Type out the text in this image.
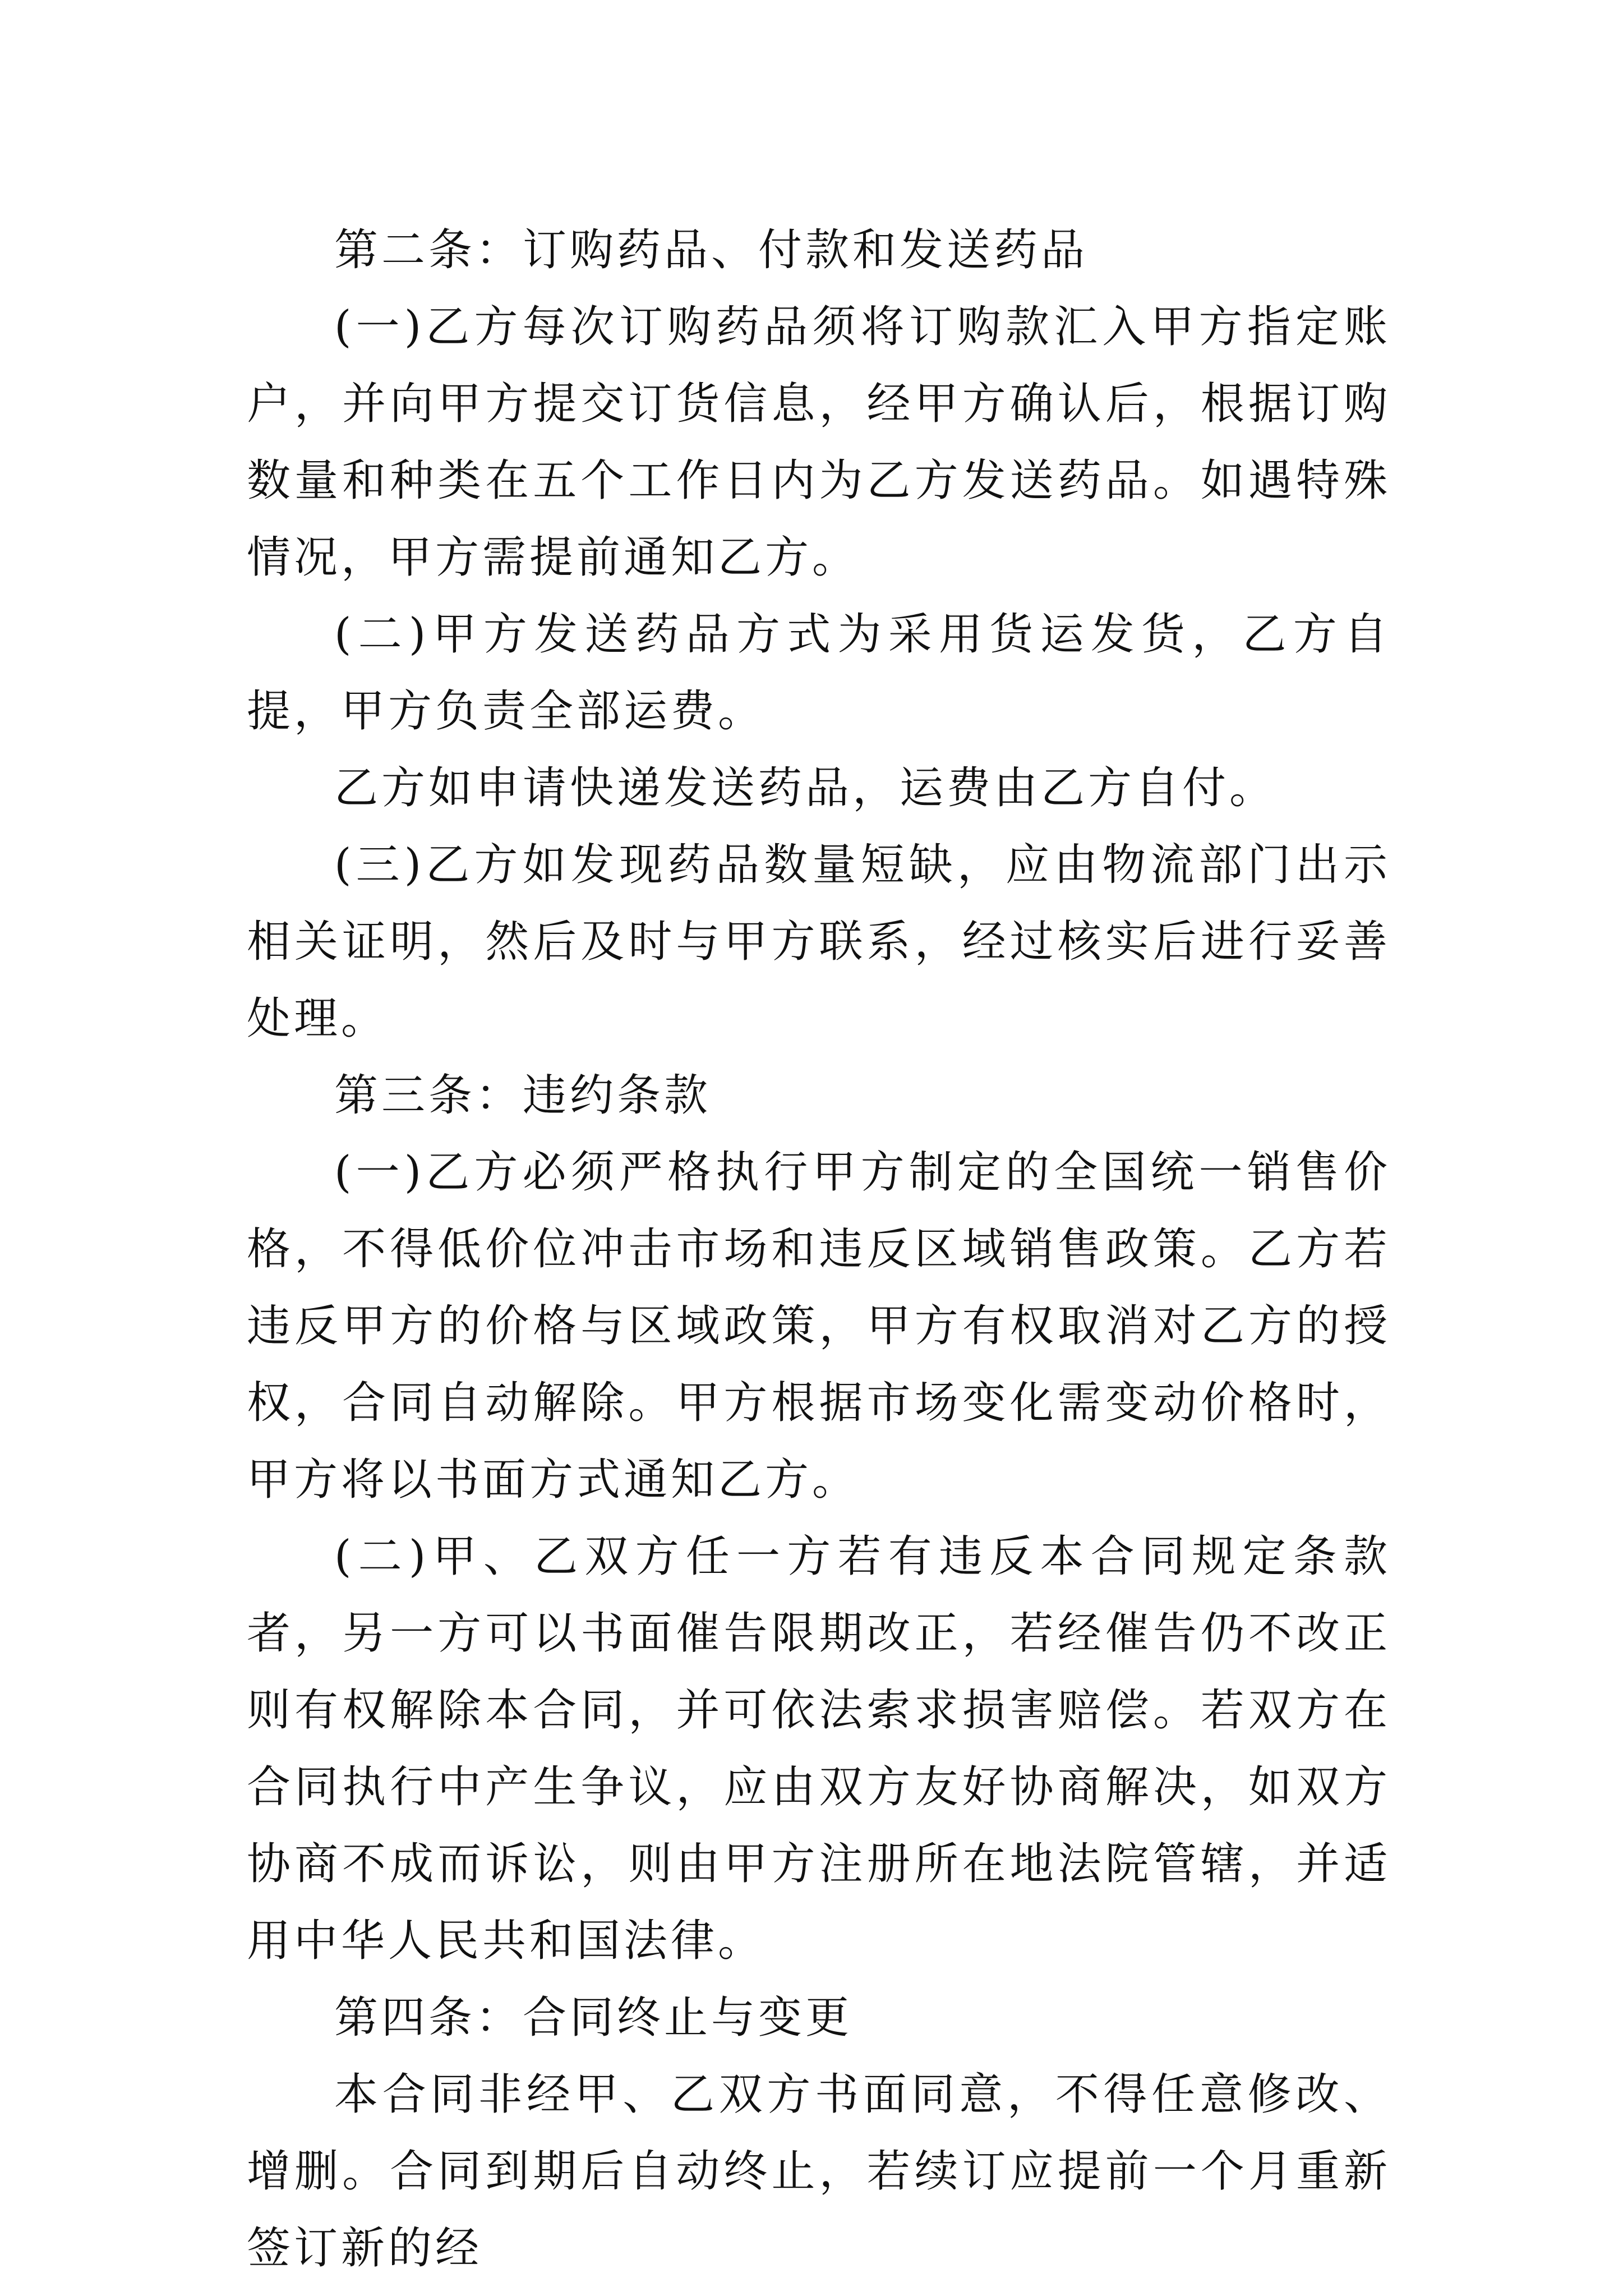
第二条：订购药品、付款和发送药品

(一)乙方每次订购药品须将订购款汇入甲方指定账户，并向甲方提交订货信息，经甲方确认后，根据订购数量和种类在五个工作日内为乙方发送药品。如遇特殊情况，甲方需提前通知乙方。

(二)甲方发送药品方式为采用货运发货，乙方自提，甲方负责全部运费。

乙方如申请快递发送药品，运费由乙方自付。

(三)乙方如发现药品数量短缺，应由物流部门出示相关证明，然后及时与甲方联系，经过核实后进行妥善处理。

第三条：违约条款

(一)乙方必须严格执行甲方制定的全国统一销售价格，不得低价位冲击市场和违反区域销售政策。乙方若违反甲方的价格与区域政策，甲方有权取消对乙方的授权，合同自动解除。甲方根据市场变化需变动价格时，甲方将以书面方式通知乙方。

(二)甲、乙双方任一方若有违反本合同规定条款者，另一方可以书面催告限期改正，若经催告仍不改正则有权解除本合同，并可依法索求损害赔偿。若双方在合同执行中产生争议，应由双方友好协商解决，如双方协商不成而诉讼，则由甲方注册所在地法院管辖，并适用中华人民共和国法律。

第四条：合同终止与变更

本合同非经甲、乙双方书面同意，不得任意修改、增删。合同到期后自动终止，若续订应提前一个月重新签订新的经
